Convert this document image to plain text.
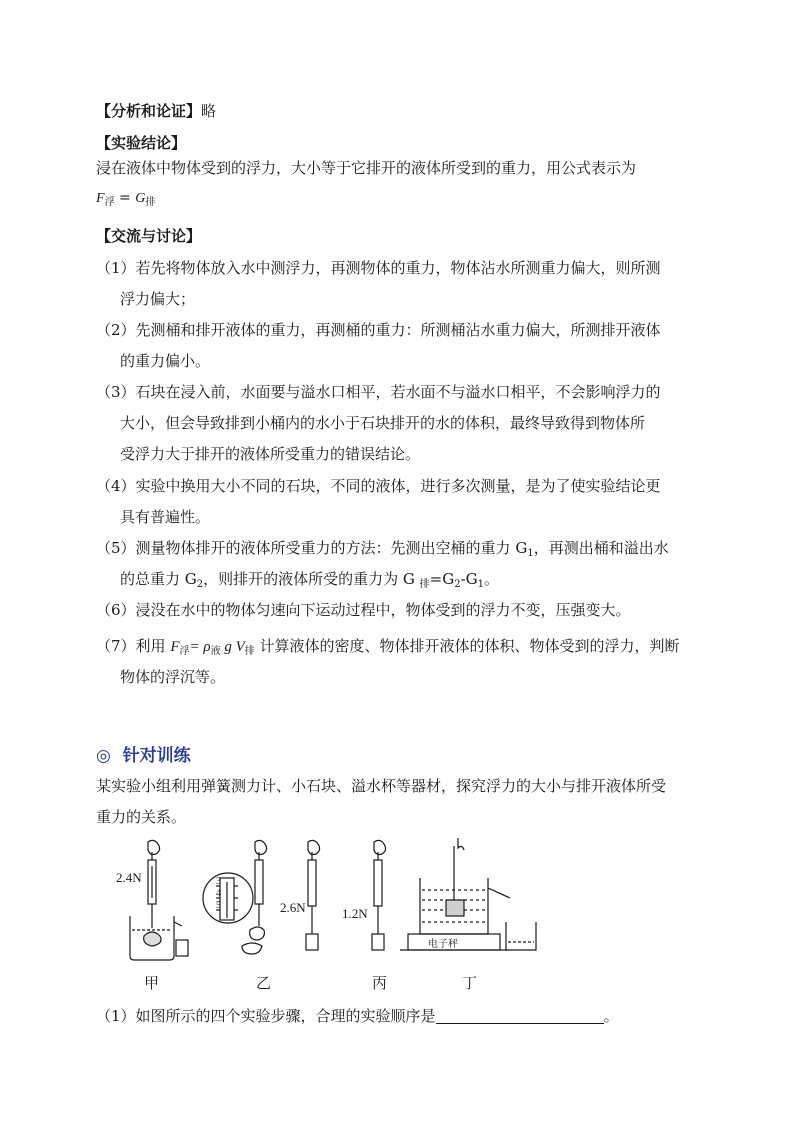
【分析和论证】略
【实验结论】
浸在液体中物体受到的浮力，大小等于它排开的液体所受到的重力，用公式表示为
$F_浮 = G_排$
【交流与讨论】
（1）若先将物体放入水中测浮力，再测物体的重力，物体沾水所测重力偏大，则所测
浮力偏大；
（2）先测桶和排开液体的重力，再测桶的重力：所测桶沾水重力偏大，所测排开液体
的重力偏小。
（3）石块在浸入前，水面要与溢水口相平，若水面不与溢水口相平，不会影响浮力的
大小，但会导致排到小桶内的水小于石块排开的水的体积，最终导致得到物体所
受浮力大于排开的液体所受重力的错误结论。
（4）实验中换用大小不同的石块，不同的液体，进行多次测量，是为了使实验结论更
具有普遍性。
（5）测量物体排开的液体所受重力的方法：先测出空桶的重力 $G_1$，再测出桶和溢出水
的总重力 $G_2$，则排开的液体所受的重力为 G $_排=G_2-G_1$。
（6）浸没在水中的物体匀速向下运动过程中，物体受到的浮力不变，压强变大。
（7）利用 $F_浮= \rho_液$ g $V_排$ 计算液体的密度、物体排开液体的体积、物体受到的浮力，判断
物体的浮沉等。
◎ 针对训练
某实验小组利用弹簧测力计、小石块、溢水杯等器材，探究浮力的大小与排开液体所受
重力的关系。
2.4N
2.6N	1.2N
3
4
5
电子秤
甲	乙	丙	丁
（1）如图所示的四个实验步骤，合理的实验顺序是	。
